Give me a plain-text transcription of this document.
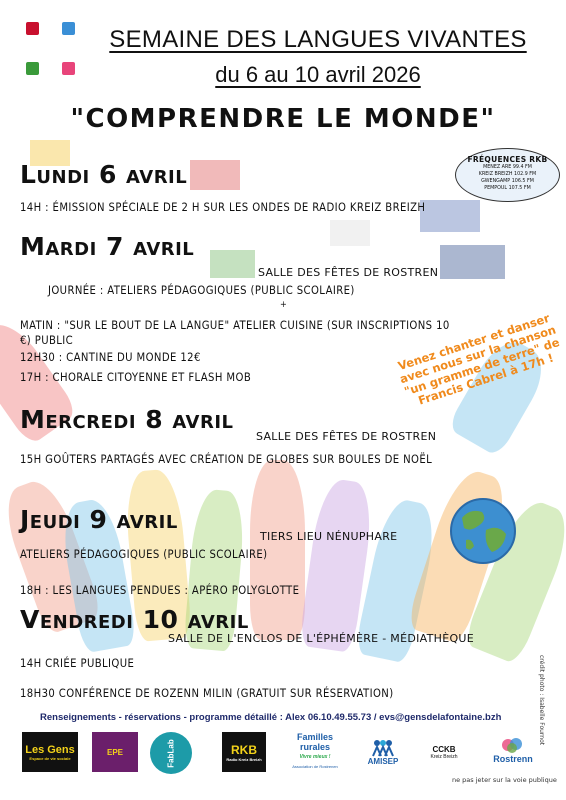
SEMAINE DES LANGUES VIVANTES
du 6 au 10 avril 2026
"COMPRENDRE LE MONDE"
FRÉQUENCES RKB
MENEZ ARE 99.4 FM
KREIZ BREIZH 102.9 FM
GWENGAMP 106.5 FM
PEMPOUL 107.5 FM
Lundi 6 avril
14H : ÉMISSION SPÉCIALE DE 2 H SUR LES ONDES DE RADIO KREIZ BREIZH
Mardi 7 avril
SALLE DES FÊTES DE ROSTREN
JOURNÉE : ATELIERS PÉDAGOGIQUES (PUBLIC SCOLAIRE)
+
MATIN : "SUR LE BOUT DE LA LANGUE" ATELIER CUISINE (SUR INSCRIPTIONS 10 €) PUBLIC
12H30 : CANTINE DU MONDE 12€
17H : CHORALE CITOYENNE ET FLASH MOB
Venez chanter et danser avec nous sur la chanson "un gramme de terre" de Francis Cabrel à 17h !
Mercredi 8 avril
SALLE DES FÊTES DE ROSTREN
15H GOÛTERS PARTAGÉS AVEC CRÉATION DE GLOBES SUR BOULES DE NOËL
Jeudi 9 avril
TIERS LIEU NÉNUPHARE
ATELIERS PÉDAGOGIQUES (PUBLIC SCOLAIRE)
18H : LES LANGUES PENDUES : APÉRO POLYGLOTTE
Vendredi 10 avril
SALLE DE L'ENCLOS DE L'ÉPHÉMÈRE - MÉDIATHÈQUE
14H CRIÉE PUBLIQUE
18H30 CONFÉRENCE DE ROZENN MILIN (GRATUIT SUR RÉSERVATION)	crédit photo : Isabelle Fournot
Renseignements - réservations - programme détaillé : Alex 06.10.49.55.73 / evs@gensdelafontaine.bzh
Les Gens
Espace de vie sociale
EPE	FabLab	RKB
Radio Kreiz Breizh
Familles rurales
Vivre mieux !
Association de Rostrenen
AMISEP
CCKB
Kreiz Breizh	Rostrenn
ne pas jeter sur la voie publique
